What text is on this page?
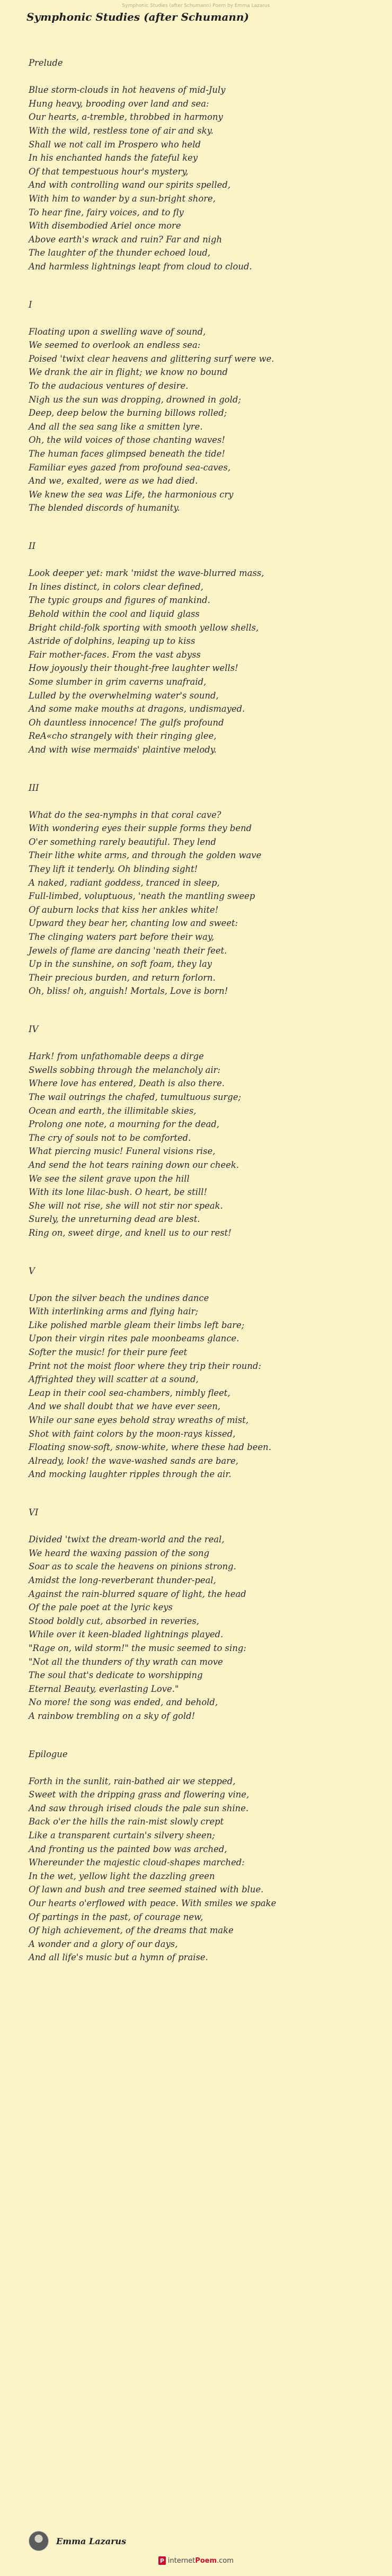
Symphonic Studies (after Schumann) Poem by Emma Lazarus
Symphonic Studies (after Schumann)
Prelude
Blue storm-clouds in hot heavens of mid-July
Hung heavy, brooding over land and sea:
Our hearts, a-tremble, throbbed in harmony
With the wild, restless tone of air and sky.
Shall we not call im Prospero who held
In his enchanted hands the fateful key
Of that tempestuous hour's mystery,
And with controlling wand our spirits spelled,
With him to wander by a sun-bright shore,
To hear fine, fairy voices, and to fly
With disembodied Ariel once more
Above earth's wrack and ruin? Far and nigh
The laughter of the thunder echoed loud,
And harmless lightnings leapt from cloud to cloud.
I
Floating upon a swelling wave of sound,
We seemed to overlook an endless sea:
Poised 'twixt clear heavens and glittering surf were we.
We drank the air in flight; we know no bound
To the audacious ventures of desire.
Nigh us the sun was dropping, drowned in gold;
Deep, deep below the burning billows rolled;
And all the sea sang like a smitten lyre.
Oh, the wild voices of those chanting waves!
The human faces glimpsed beneath the tide!
Familiar eyes gazed from profound sea-caves,
And we, exalted, were as we had died.
We knew the sea was Life, the harmonious cry
The blended discords of humanity.
II
Look deeper yet: mark 'midst the wave-blurred mass,
In lines distinct, in colors clear defined,
The typic groups and figures of mankind.
Behold within the cool and liquid glass
Bright child-folk sporting with smooth yellow shells,
Astride of dolphins, leaping up to kiss
Fair mother-faces. From the vast abyss
How joyously their thought-free laughter wells!
Some slumber in grim caverns unafraid,
Lulled by the overwhelming water's sound,
And some make mouths at dragons, undismayed.
Oh dauntless innocence! The gulfs profound
ReA«cho strangely with their ringing glee,
And with wise mermaids' plaintive melody.
III
What do the sea-nymphs in that coral cave?
With wondering eyes their supple forms they bend
O'er something rarely beautiful. They lend
Their lithe white arms, and through the golden wave
They lift it tenderly. Oh blinding sight!
A naked, radiant goddess, tranced in sleep,
Full-limbed, voluptuous, 'neath the mantling sweep
Of auburn locks that kiss her ankles white!
Upward they bear her, chanting low and sweet:
The clinging waters part before their way,
Jewels of flame are dancing 'neath their feet.
Up in the sunshine, on soft foam, they lay
Their precious burden, and return forlorn.
Oh, bliss! oh, anguish! Mortals, Love is born!
IV
Hark! from unfathomable deeps a dirge
Swells sobbing through the melancholy air:
Where love has entered, Death is also there.
The wail outrings the chafed, tumultuous surge;
Ocean and earth, the illimitable skies,
Prolong one note, a mourning for the dead,
The cry of souls not to be comforted.
What piercing music! Funeral visions rise,
And send the hot tears raining down our cheek.
We see the silent grave upon the hill
With its lone lilac-bush. O heart, be still!
She will not rise, she will not stir nor speak.
Surely, the unreturning dead are blest.
Ring on, sweet dirge, and knell us to our rest!
V
Upon the silver beach the undines dance
With interlinking arms and flying hair;
Like polished marble gleam their limbs left bare;
Upon their virgin rites pale moonbeams glance.
Softer the music! for their pure feet
Print not the moist floor where they trip their round:
Affrighted they will scatter at a sound,
Leap in their cool sea-chambers, nimbly fleet,
And we shall doubt that we have ever seen,
While our sane eyes behold stray wreaths of mist,
Shot with faint colors by the moon-rays kissed,
Floating snow-soft, snow-white, where these had been.
Already, look! the wave-washed sands are bare,
And mocking laughter ripples through the air.
VI
Divided 'twixt the dream-world and the real,
We heard the waxing passion of the song
Soar as to scale the heavens on pinions strong.
Amidst the long-reverberant thunder-peal,
Against the rain-blurred square of light, the head
Of the pale poet at the lyric keys
Stood boldly cut, absorbed in reveries,
While over it keen-bladed lightnings played.
"Rage on, wild storm!" the music seemed to sing:
"Not all the thunders of thy wrath can move
The soul that's dedicate to worshipping
Eternal Beauty, everlasting Love."
No more! the song was ended, and behold,
A rainbow trembling on a sky of gold!
Epilogue
Forth in the sunlit, rain-bathed air we stepped,
Sweet with the dripping grass and flowering vine,
And saw through irised clouds the pale sun shine.
Back o'er the hills the rain-mist slowly crept
Like a transparent curtain's silvery sheen;
And fronting us the painted bow was arched,
Whereunder the majestic cloud-shapes marched:
In the wet, yellow light the dazzling green
Of lawn and bush and tree seemed stained with blue.
Our hearts o'erflowed with peace. With smiles we spake
Of partings in the past, of courage new,
Of high achievement, of the dreams that make
A wonder and a glory of our days,
And all life's music but a hymn of praise.
Emma Lazarus
P internetPoem.com
